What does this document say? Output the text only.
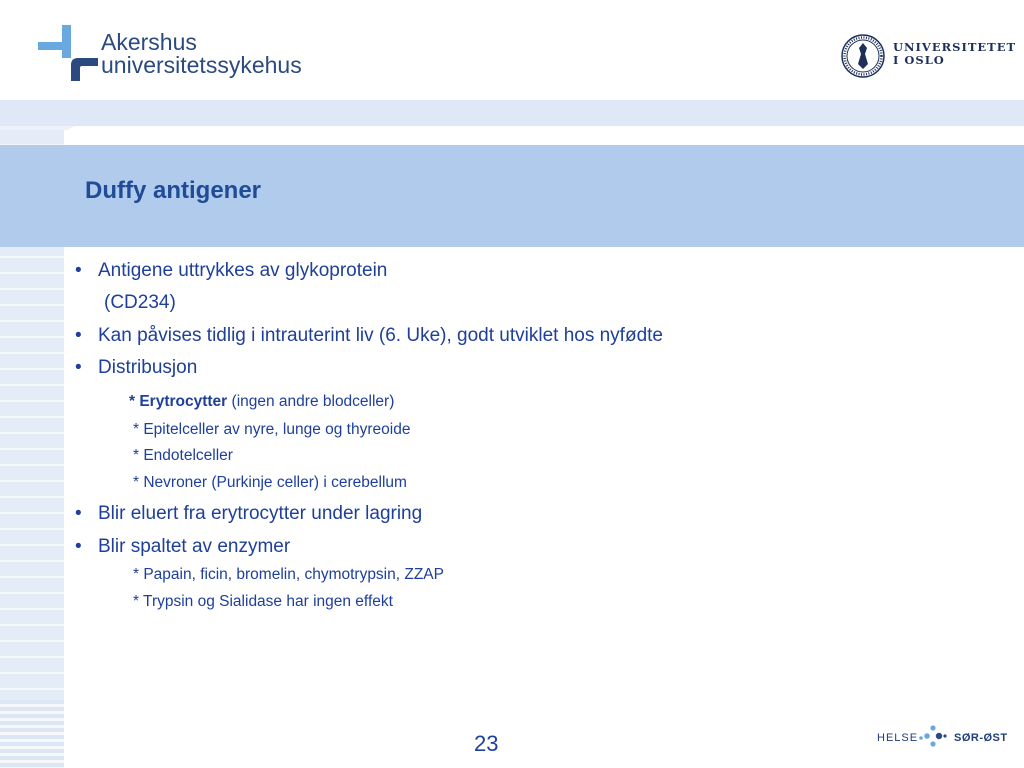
Akershus
universitetssykehus
UNIVERSITETET
I OSLO
Duffy antigener
• Antigene uttrykkes av glykoprotein
(CD234)
• Kan påvises tidlig i intrauterint liv (6. Uke), godt utviklet hos nyfødte
• Distribusjon
* Erytrocytter (ingen andre blodceller)
* Epitelceller av nyre, lunge og thyreoide
* Endotelceller
* Nevroner (Purkinje celler) i cerebellum
• Blir eluert fra erytrocytter under lagring
• Blir spaltet av enzymer
* Papain, ficin, bromelin, chymotrypsin, ZZAP
* Trypsin og Sialidase har ingen effekt
23	HELSE	SØR-ØST
